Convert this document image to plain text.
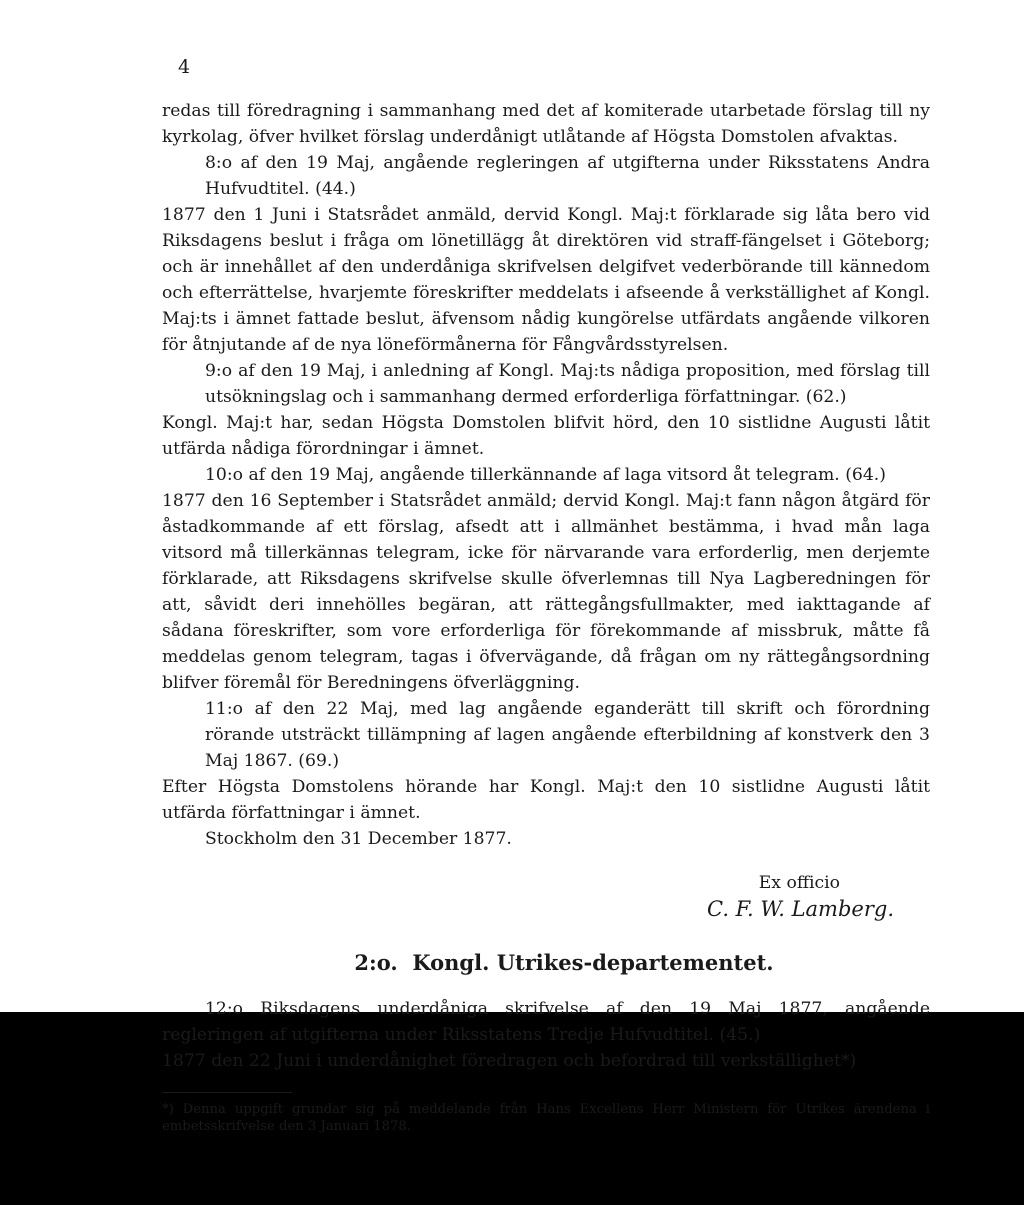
4

redas till föredragning i sammanhang med det af komiterade utarbetade förslag till ny kyrkolag, öfver hvilket förslag underdånigt utlåtande af Högsta Domstolen afvaktas.

8:o af den 19 Maj, angående regleringen af utgifterna under Riksstatens Andra Hufvudtitel. (44.)

1877 den 1 Juni i Statsrådet anmäld, dervid Kongl. Maj:t förklarade sig låta bero vid Riksdagens beslut i fråga om lönetillägg åt direktören vid straff-fängelset i Göteborg; och är innehållet af den underdåniga skrifvelsen delgifvet vederbörande till kännedom och efterrättelse, hvarjemte föreskrifter meddelats i afseende å verkställighet af Kongl. Maj:ts i ämnet fattade beslut, äfvensom nådig kungörelse utfärdats angående vilkoren för åtnjutande af de nya löneförmånerna för Fångvårdsstyrelsen.

9:o af den 19 Maj, i anledning af Kongl. Maj:ts nådiga proposition, med förslag till utsökningslag och i sammanhang dermed erforderliga författningar. (62.)

Kongl. Maj:t har, sedan Högsta Domstolen blifvit hörd, den 10 sistlidne Augusti låtit utfärda nådiga förordningar i ämnet.

10:o af den 19 Maj, angående tillerkännande af laga vitsord åt telegram. (64.)

1877 den 16 September i Statsrådet anmäld; dervid Kongl. Maj:t fann någon åtgärd för åstadkommande af ett förslag, afsedt att i allmänhet bestämma, i hvad mån laga vitsord må tillerkännas telegram, icke för närvarande vara erforderlig, men derjemte förklarade, att Riksdagens skrifvelse skulle öfverlemnas till Nya Lagberedningen för att, såvidt deri innehölles begäran, att rättegångsfullmakter, med iakttagande af sådana föreskrifter, som vore erforderliga för förekommande af missbruk, måtte få meddelas genom telegram, tagas i öfvervägande, då frågan om ny rättegångsordning blifver föremål för Beredningens öfverläggning.

11:o af den 22 Maj, med lag angående eganderätt till skrift och förordning rörande utsträckt tillämpning af lagen angående efterbildning af konstverk den 3 Maj 1867. (69.)

Efter Högsta Domstolens hörande har Kongl. Maj:t den 10 sistlidne Augusti låtit utfärda författningar i ämnet.

Stockholm den 31 December 1877.

Ex officio

C. F. W. Lamberg.

2:o. Kongl. Utrikes-departementet.

12:o Riksdagens underdåniga skrifvelse af den 19 Maj 1877, angående regleringen af utgifterna under Riksstatens Tredje Hufvudtitel. (45.)

1877 den 22 Juni i underdånighet föredragen och befordrad till verkställighet*)

*) Denna uppgift grundar sig på meddelande från Hans Excellens Herr Ministern för Utrikes ärendena i embetsskrifvelse den 3 Januari 1878.
